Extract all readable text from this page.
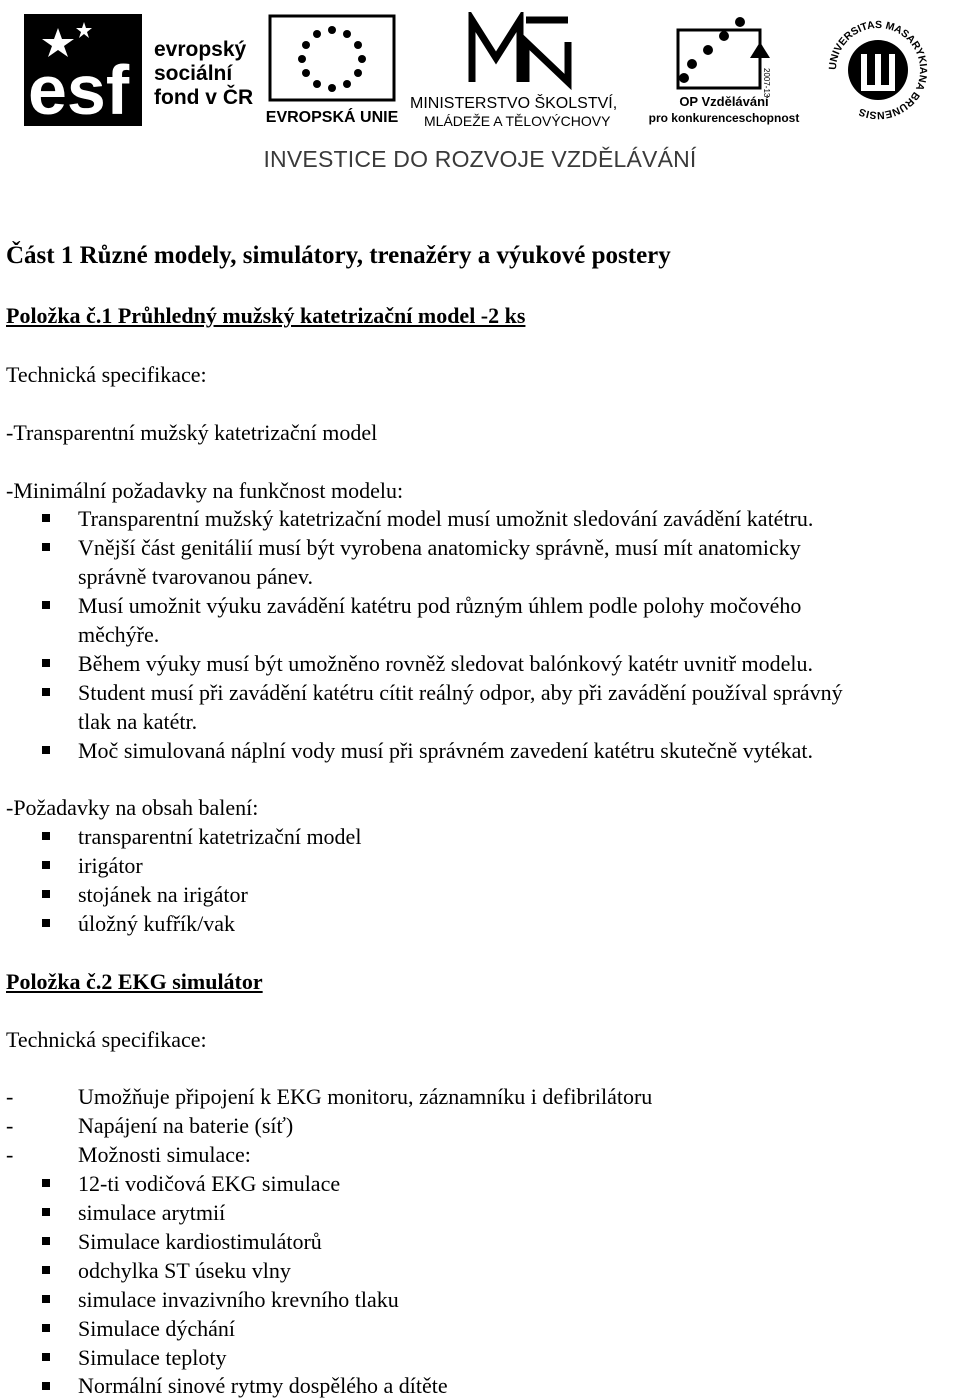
esf
evropský
sociální
fond v ČR
EVROPSKÁ UNIE
MINISTERSTVO ŠKOLSTVÍ,
MLÁDEŽE A TĚLOVÝCHOVY
2007-13
OP Vzdělávání
pro konkurenceschopnost
UNIVERSITAS MASARYKIANA BRUNENSIS
INVESTICE DO ROZVOJE VZDĚLÁVÁNÍ
Část 1 Různé modely, simulátory, trenažéry a výukové postery
Položka č.1 Průhledný mužský katetrizační model -2 ks
Technická specifikace:
-Transparentní mužský katetrizační model
-Minimální požadavky na funkčnost modelu:
Transparentní mužský katetrizační model musí umožnit sledování zavádění katétru.
Vnější část genitálií musí být vyrobena anatomicky správně, musí mít anatomicky
správně tvarovanou pánev.
Musí umožnit výuku zavádění katétru pod různým úhlem podle polohy močového
měchýře.
Během výuky musí být umožněno rovněž sledovat balónkový katétr uvnitř modelu.
Student musí při zavádění katétru cítit reálný odpor, aby při zavádění používal správný
tlak na katétr.
Moč simulovaná náplní vody musí při správném zavedení katétru skutečně vytékat.
-Požadavky na obsah balení:
transparentní katetrizační model
irigátor
stojánek na irigátor
úložný kufřík/vak
Položka č.2 EKG simulátor
Technická specifikace:
-	Umožňuje připojení k EKG monitoru, záznamníku i defibrilátoru
-	Napájení na baterie (síť)
-	Možnosti simulace:
12-ti vodičová EKG simulace
simulace arytmií
Simulace kardiostimulátorů
odchylka ST úseku vlny
simulace invazivního krevního tlaku
Simulace dýchání
Simulace teploty
Normální sinové rytmy dospělého a dítěte
